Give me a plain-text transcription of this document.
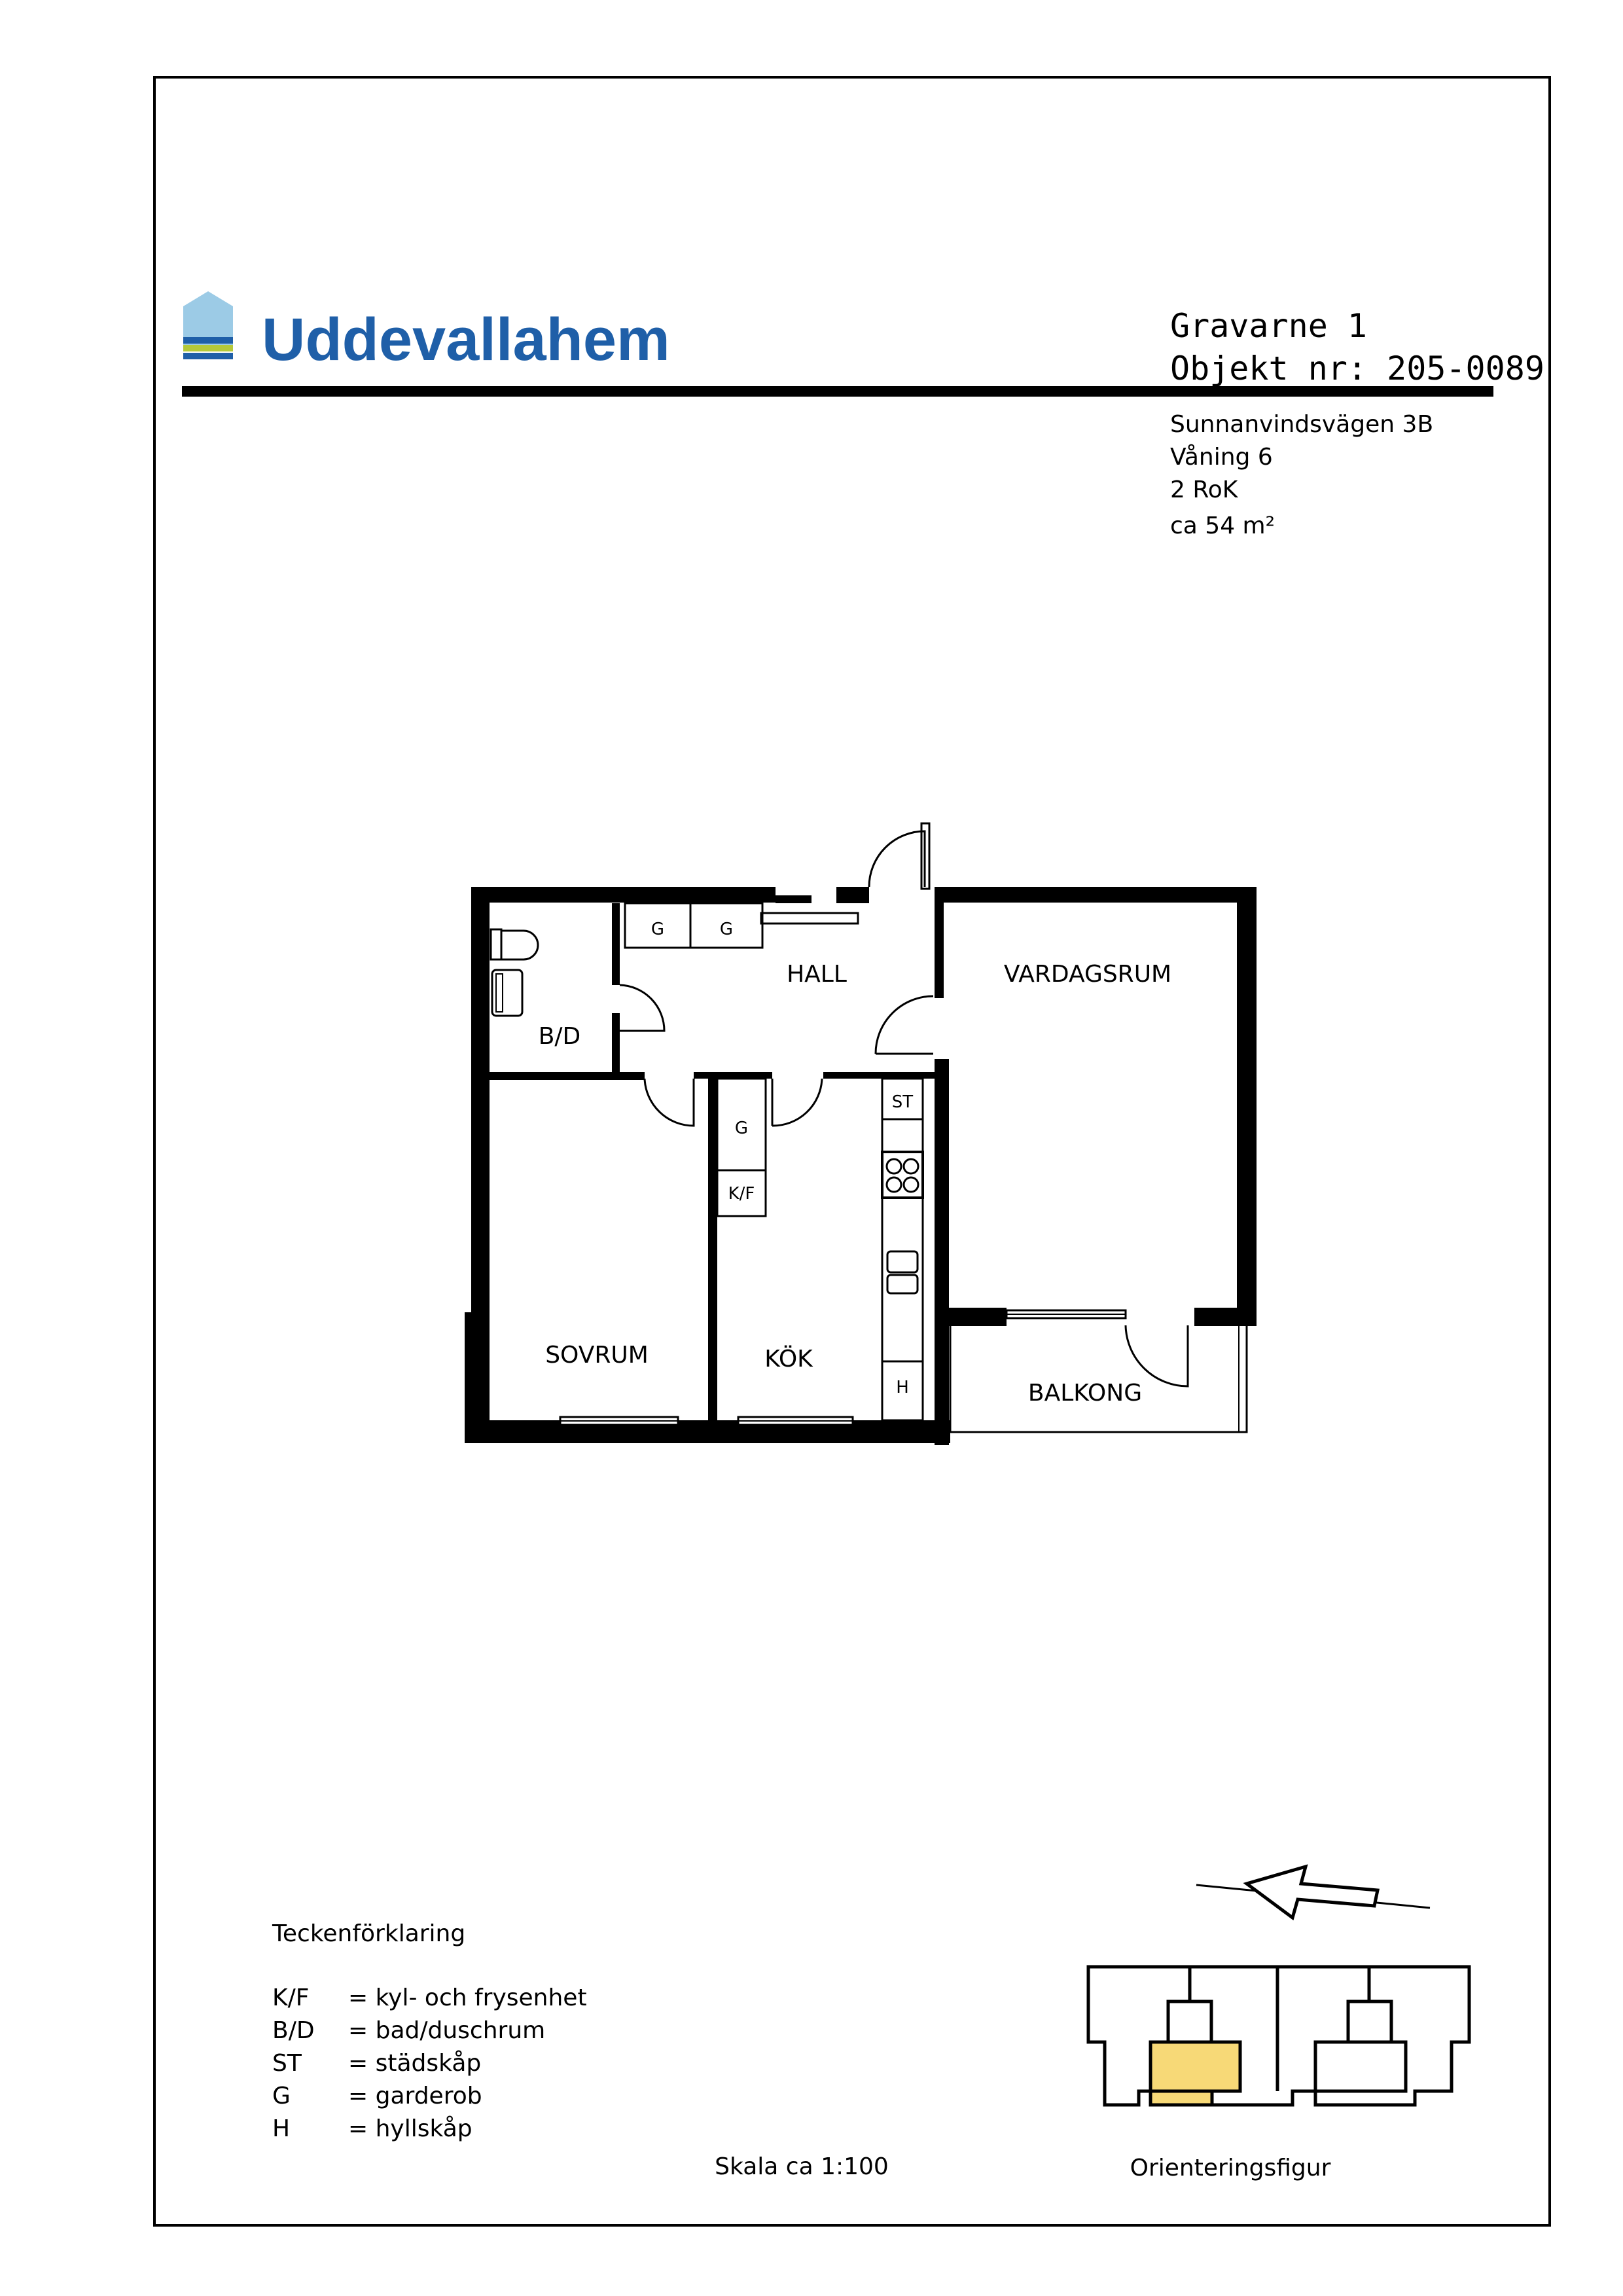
Uddevallahem	Gravarne 1
Objekt nr: 205-0089
Sunnanvindsvägen 3B
Våning 6
2 RoK
ca 54 m²
G	G
G
K/F
ST
H
HALL	VARDAGSRUM
B/D
SOVRUM	KÖK
BALKONG
Teckenförklaring
K/F = kyl- och frysenhet
B/D = bad/duschrum
ST = städskåp
G = garderob
H = hyllskåp
Skala ca 1:100	Orienteringsfigur
